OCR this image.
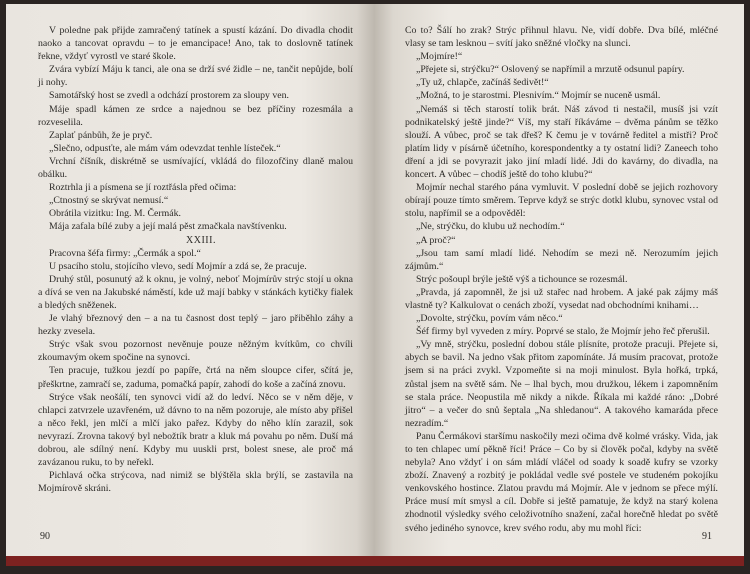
V poledne pak přijde zamračený tatínek a spustí kázání. Do divadla chodit naoko a tancovat opravdu – to je emancipace! Ano, tak to doslovně tatínek řekne, vždyť vyrostl ve staré škole.

Zvára vybízí Máju k tanci, ale ona se drží své židle – ne, tančit nepůjde, bolí ji nohy.

Samotářský host se zvedl a odchází prostorem za sloupy ven.

Máje spadl kámen ze srdce a najednou se bez příčiny rozesmála a rozveselila.

Zaplať pánbůh, že je pryč.

„Slečno, odpusťte, ale mám vám odevzdat tenhle lísteček.“

Vrchní číšník, diskrétně se usmívající, vkládá do filozofčiny dlaně malou obálku.

Roztrhla ji a písmena se jí roztřásla před očima:

„Ctnostný se skrývat nemusí.“

Obrátila vizitku: Ing. M. Čermák.

Mája zafala bílé zuby a její malá pěst zmačkala navštívenku.

XXIII.

Pracovna šéfa firmy: „Čermák a spol.“

U psacího stolu, stojícího vlevo, sedí Mojmír a zdá se, že pracuje.

Druhý stůl, posunutý až k oknu, je volný, neboť Mojmírův strýc stojí u okna a dívá se ven na Jakubské náměstí, kde už mají babky v stánkách kytičky fialek a bledých sněženek.

Je vlahý březnový den – a na tu časnost dost teplý – jaro přiběhlo záhy a hezky zvesela.

Strýc však svou pozornost nevěnuje pouze něžným kvítkům, co chvíli zkoumavým okem spočine na synovci.

Ten pracuje, tužkou jezdí po papíře, črtá na něm sloupce cifer, sčítá je, přeškrtne, zamračí se, zaduma, pomačká papír, zahodí do koše a začíná znovu.

Strýce však neošálí, ten synovci vidí až do ledví. Něco se v něm děje, v chlapci zatvrzele uzavřeném, už dávno to na něm pozoruje, ale místo aby přišel a něco řekl, jen mlčí a mlčí jako pařez. Kdyby do něho klín zarazil, sok nevyrazí. Zrovna takový byl nebožtík bratr a kluk má povahu po něm. Duší má dobrou, ale sdílný není. Kdyby mu uuskli prst, bolest snese, ale proč má zavázanou ruku, to by neřekl.

Pichlavá očka strýcova, nad nimiž se blýštěla skla brýlí, se zastavila na Mojmírově skráni.

90

Co to? Šálí ho zrak? Strýc přihnul hlavu. Ne, vidí dobře. Dva bílé, mléčné vlasy se tam lesknou – svítí jako sněžné vločky na slunci.

„Mojmíre!“

„Přejete si, strýčku?“ Oslovený se napřímil a mrzutě odsunul papíry.

„Ty už, chlapče, začínáš šedivět!“

„Možná, to je starostmi. Plesnivím.“ Mojmír se nuceně usmál.

„Nemáš si těch starostí tolik brát. Náš závod ti nestačil, musíš jsi vzít podnikatelský ještě jinde?“ Víš, my staří říkáváme – dvěma pánům se těžko slouží. A vůbec, proč se tak dřeš? K čemu je v továrně ředitel a mistři? Proč platím lidy v písárně účetního, korespondentky a ty ostatní lidi? Zaneech toho dření a jdi se povyrazit jako jiní mladí lidé. Jdi do kavárny, do divadla, na koncert. A vůbec – chodíš ještě do toho klubu?“

Mojmír nechal starého pána vymluvit. V poslední době se jejich rozhovory obírají pouze tímto směrem. Teprve když se strýc dotkl klubu, synovec vstal od stolu, napřímil se a odpověděl:

„Ne, strýčku, do klubu už nechodím.“

„A proč?“

„Jsou tam samí mladí lidé. Nehodím se mezi ně. Nerozumím jejich zájmům.“

Strýc pošoupl brýle ještě výš a tichounce se rozesmál.

„Pravda, já zapomněl, že jsi už stařec nad hrobem. A jaké pak zájmy máš vlastně ty? Kalkulovat o cenách zboží, vysedat nad obchodními knihami…

„Dovolte, strýčku, povím vám něco.“

Šéf firmy byl vyveden z míry. Poprvé se stalo, že Mojmír jeho řeč přerušil.

„Vy mně, strýčku, poslední dobou stále plísníte, protože pracuji. Přejete si, abych se bavil. Na jedno však přitom zapomínáte. Já musím pracovat, protože jsem si na práci zvykl. Vzpomeňte si na moji minulost. Byla hořká, trpká, zůstal jsem na světě sám. Ne – lhal bych, mou družkou, lékem i zapomněním se stala práce. Neopustila mě nikdy a nikde. Říkala mi každé ráno: „Dobré jitro“ – a večer do snů šeptala „Na shledanou“. A takového kamaráda přece nezradím.“

Panu Čermákovi staršímu naskočily mezi očima dvě kolmé vrásky. Vida, jak to ten chlapec umí pěkně říci! Práce – Co by si člověk počal, kdyby na světě nebyla? Ano vždyť i on sám mládí vláčel od soady k soadě kufry se vzorky zboží. Znavený a rozbitý je pokládal vedle své postele ve studeném pokojíku venkovského hostince. Zlatou pravdu má Mojmír. Ale v jednom se přece mýlí. Práce musí mít smysl a cíl. Dobře si ještě pamatuje, že když na starý kolena zhodnotil výsledky svého celoživotního snažení, začal horečně hledat po světě svého jediného synovce, krev svého rodu, aby mu mohl říci:

91
